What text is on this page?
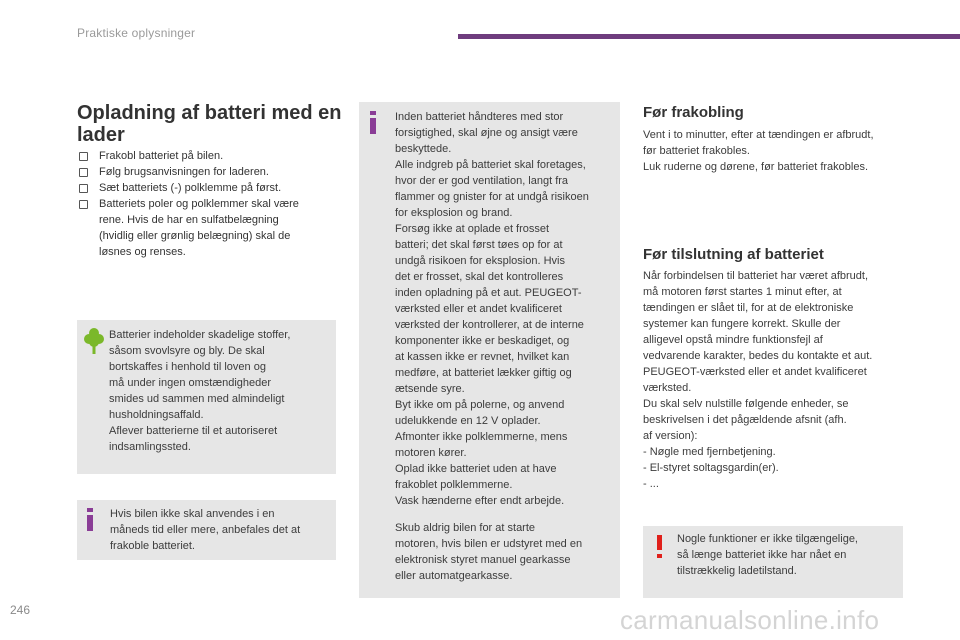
Praktiske oplysninger
Opladning af batteri med en
lader
Frakobl batteriet på bilen.
Følg brugsanvisningen for laderen.
Sæt batteriets (-) polklemme på først.
Batteriets poler og polklemmer skal være
rene. Hvis de har en sulfatbelægning
(hvidlig eller grønlig belægning) skal de
løsnes og renses.
Batterier indeholder skadelige stoffer,
såsom svovlsyre og bly. De skal
bortskaffes i henhold til loven og
må under ingen omstændigheder
smides ud sammen med almindeligt
husholdningsaffald.
Aflever batterierne til et autoriseret
indsamlingssted.
Hvis bilen ikke skal anvendes i en
måneds tid eller mere, anbefales det at
frakoble batteriet.
Inden batteriet håndteres med stor
forsigtighed, skal øjne og ansigt være
beskyttede.
Alle indgreb på batteriet skal foretages,
hvor der er god ventilation, langt fra
flammer og gnister for at undgå risikoen
for eksplosion og brand.
Forsøg ikke at oplade et frosset
batteri; det skal først tøes op for at
undgå risikoen for eksplosion. Hvis
det er frosset, skal det kontrolleres
inden opladning på et aut. PEUGEOT-
værksted eller et andet kvalificeret
værksted der kontrollerer, at de interne
komponenter ikke er beskadiget, og
at kassen ikke er revnet, hvilket kan
medføre, at batteriet lækker giftig og
ætsende syre.
Byt ikke om på polerne, og anvend
udelukkende en 12 V oplader.
Afmonter ikke polklemmerne, mens
motoren kører.
Oplad ikke batteriet uden at have
frakoblet polklemmerne.
Vask hænderne efter endt arbejde.
Skub aldrig bilen for at starte
motoren, hvis bilen er udstyret med en
elektronisk styret manuel gearkasse
eller automatgearkasse.
Før frakobling
Vent i to minutter, efter at tændingen er afbrudt,
før batteriet frakobles.
Luk ruderne og dørene, før batteriet frakobles.
Før tilslutning af batteriet
Når forbindelsen til batteriet har været afbrudt,
må motoren først startes 1 minut efter, at
tændingen er slået til, for at de elektroniske
systemer kan fungere korrekt. Skulle der
alligevel opstå mindre funktionsfejl af
vedvarende karakter, bedes du kontakte et aut.
PEUGEOT-værksted eller et andet kvalificeret
værksted.
Du skal selv nulstille følgende enheder, se
beskrivelsen i det pågældende afsnit (afh.
af version):
- Nøgle med fjernbetjening.
- El-styret soltagsgardin(er).
- ...
Nogle funktioner er ikke tilgængelige,
så længe batteriet ikke har nået en
tilstrækkelig ladetilstand.
246	carmanualsonline.info
